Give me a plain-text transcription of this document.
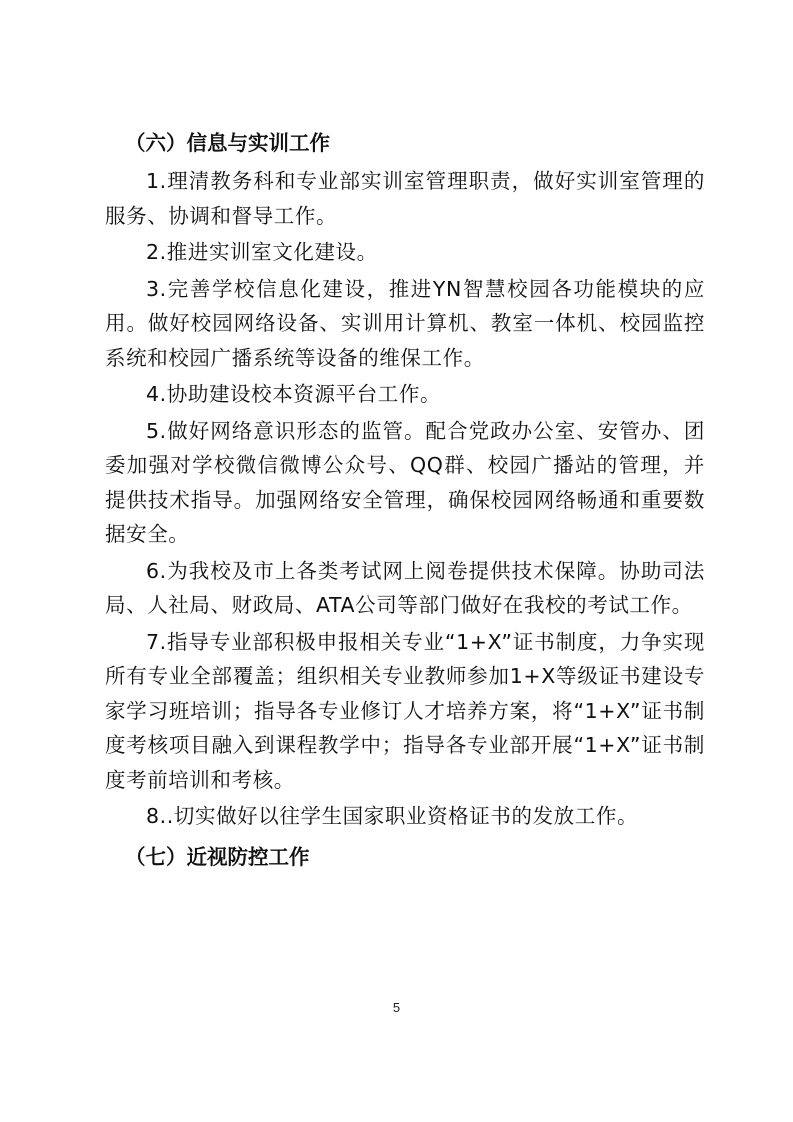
（六）信息与实训工作

1.理清教务科和专业部实训室管理职责，做好实训室管理的服务、协调和督导工作。

2.推进实训室文化建设。

3.完善学校信息化建设，推进YN智慧校园各功能模块的应用。做好校园网络设备、实训用计算机、教室一体机、校园监控系统和校园广播系统等设备的维保工作。

4.协助建设校本资源平台工作。

5.做好网络意识形态的监管。配合党政办公室、安管办、团委加强对学校微信微博公众号、QQ群、校园广播站的管理，并提供技术指导。加强网络安全管理，确保校园网络畅通和重要数据安全。

6.为我校及市上各类考试网上阅卷提供技术保障。协助司法局、人社局、财政局、ATA公司等部门做好在我校的考试工作。

7.指导专业部积极申报相关专业“1+X”证书制度，力争实现所有专业全部覆盖；组织相关专业教师参加1+X等级证书建设专家学习班培训；指导各专业修订人才培养方案，将“1+X”证书制度考核项目融入到课程教学中；指导各专业部开展“1+X”证书制度考前培训和考核。

8..切实做好以往学生国家职业资格证书的发放工作。

（七）近视防控工作
5
